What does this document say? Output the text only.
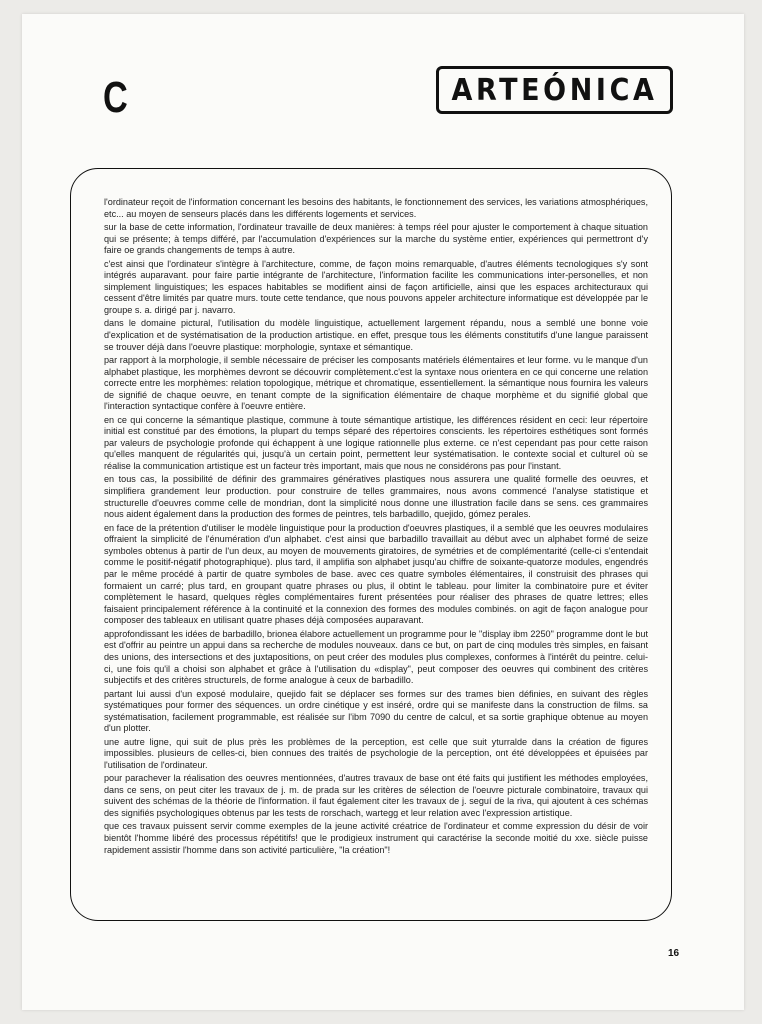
C	ARTEÓNICA

l'ordinateur reçoit de l'information concernant les besoins des habitants, le fonctionnement des services, les variations atmosphériques, etc... au moyen de senseurs placés dans les différents logements et services.

sur la base de cette information, l'ordinateur travaille de deux manières: à temps réel pour ajuster le comportement à chaque situation qui se présente; à temps différé, par l'accumulation d'expériences sur la marche du système entier, expériences qui permettront d'y faire oe grands changements de temps à autre.

c'est ainsi que l'ordinateur s'intègre à l'architecture, comme, de façon moins remarquable, d'autres éléments tecnologiques s'y sont intégrés auparavant. pour faire partie intégrante de l'architecture, l'information facilite les communications inter-personelles, et non simplement linguistiques; les espaces habitables se modifient ainsi de façon artificielle, ainsi que les espaces architecturaux qui cessent d'être limités par quatre murs. toute cette tendance, que nous pouvons appeler architecture informatique est développée par le groupe s. a. dirigé par j. navarro.

dans le domaine pictural, l'utilisation du modèle linguistique, actuellement largement répandu, nous a semblé une bonne voie d'explication et de systématisation de la production artistique. en effet, presque tous les éléments constitutifs d'une langue paraissent se trouver déjà dans l'oeuvre plastique: morphologie, syntaxe et sémantique.

par rapport à la morphologie, il semble nécessaire de préciser les composants matériels élémentaires et leur forme. vu le manque d'un alphabet plastique, les morphèmes devront se découvrir complètement.c'est la syntaxe nous orientera en ce qui concerne une relation correcte entre les morphèmes: relation topologique, métrique et chromatique, essentiellement. la sémantique nous fournira les valeurs de signifié de chaque oeuvre, en tenant compte de la signification élémentaire de chaque morphème et du signifié global que l'interaction syntactique confère à l'oeuvre entière.

en ce qui concerne la sémantique plastique, commune à toute sémantique artistique, les différences résident en ceci: leur répertoire initial est constitué par des émotions, la plupart du temps séparé des répertoires conscients. les répertoires esthétiques sont formés par valeurs de psychologie profonde qui échappent à une logique rationnelle plus externe. ce n'est cependant pas pour cette raison qu'elles manquent de régularités qui, jusqu'à un certain point, permettent leur systématisation. le contexte social et culturel où se réalise la communication artistique est un facteur très important, mais que nous ne considérons pas pour l'instant.

en tous cas, la possibilité de définir des grammaires génératives plastiques nous assurera une qualité formelle des oeuvres, et simplifiera grandement leur production. pour construire de telles grammaires, nous avons commencé l'analyse statistique et structurelle d'oeuvres comme celle de mondrian, dont la simplicité nous donne une illustration facile dans se sens. ces grammaires nous aident également dans la production des formes de peintres, tels barbadillo, quejido, gómez perales.

en face de la prétention d'utiliser le modèle linguistique pour la production d'oeuvres plastiques, il a semblé que les oeuvres modulaires offraient la simplicité de l'énumération d'un alphabet. c'est ainsi que barbadillo travaillait au début avec un alphabet formé de seize symboles obtenus à partir de l'un deux, au moyen de mouvements giratoires, de symétries et de complémentarité (celle-ci s'entendait comme le positif-négatif photographique). plus tard, il amplifia son alphabet jusqu'au chiffre de soixante-quatorze modules, engendrés par le même procédé à partir de quatre symboles de base. avec ces quatre symboles élémentaires, il construisit des phrases qui formaient un carré; plus tard, en groupant quatre phrases ou plus, il obtint le tableau. pour limiter la combinatoire pure et éviter complètement le hasard, quelques règles complémentaires furent présentées pour réaliser des phrases de quatre lettres; elles faisaient principalement référence à la continuité et la connexion des formes des modules combinés. on agit de façon analogue pour composer des tableaux en utilisant quatre phases déjà composées auparavant.

approfondissant les idées de barbadillo, brionea élabore actuellement un programme pour le "display ibm 2250" programme dont le but est d'offrir au peintre un appui dans sa recherche de modules nouveaux. dans ce but, on part de cinq modules très simples, en faisant des unions, des intersections et des juxtapositions, on peut créer des modules plus complexes, conformes à l'intérêt du peintre. celui-ci, une fois qu'il a choisi son alphabet et grâce à l'utilisation du «display", peut composer des oeuvres qui combinent des critères subjectifs et des critères structurels, de forme analogue à ceux de barbadillo.

partant lui aussi d'un exposé modulaire, quejido fait se déplacer ses formes sur des trames bien définies, en suivant des règles systématiques pour former des séquences. un ordre cinétique y est inséré, ordre qui se manifeste dans la construction de films. sa systématisation, facilement programmable, est réalisée sur l'ibm 7090 du centre de calcul, et sa sortie graphique obtenue au moyen d'un plotter.

une autre ligne, qui suit de plus près les problèmes de la perception, est celle que suit yturralde dans la création de figures impossibles. plusieurs de celles-ci, bien connues des traités de psychologie de la perception, ont été développées et épuisées par l'utilisation de l'ordinateur.

pour parachever la réalisation des oeuvres mentionnées, d'autres travaux de base ont été faits qui justifient les méthodes employées, dans ce sens, on peut citer les travaux de j. m. de prada sur les critères de sélection de l'oeuvre picturale combinatoire, travaux qui suivent des schémas de la théorie de l'information. il faut également citer les travaux de j. seguí de la riva, qui ajoutent à ces schémas des signifiés psychologiques obtenus par les tests de rorschach, wartegg et leur relation avec l'expression artistique.

que ces travaux puissent servir comme exemples de la jeune activité créatrice de l'ordinateur et comme expression du désir de voir bientôt l'homme libéré des processus répétitifs! que le prodigieux instrument qui caractérise la seconde moitié du xxe. siècle puisse rapidement assistir l'homme dans son activité particulière, "la création"!

16
